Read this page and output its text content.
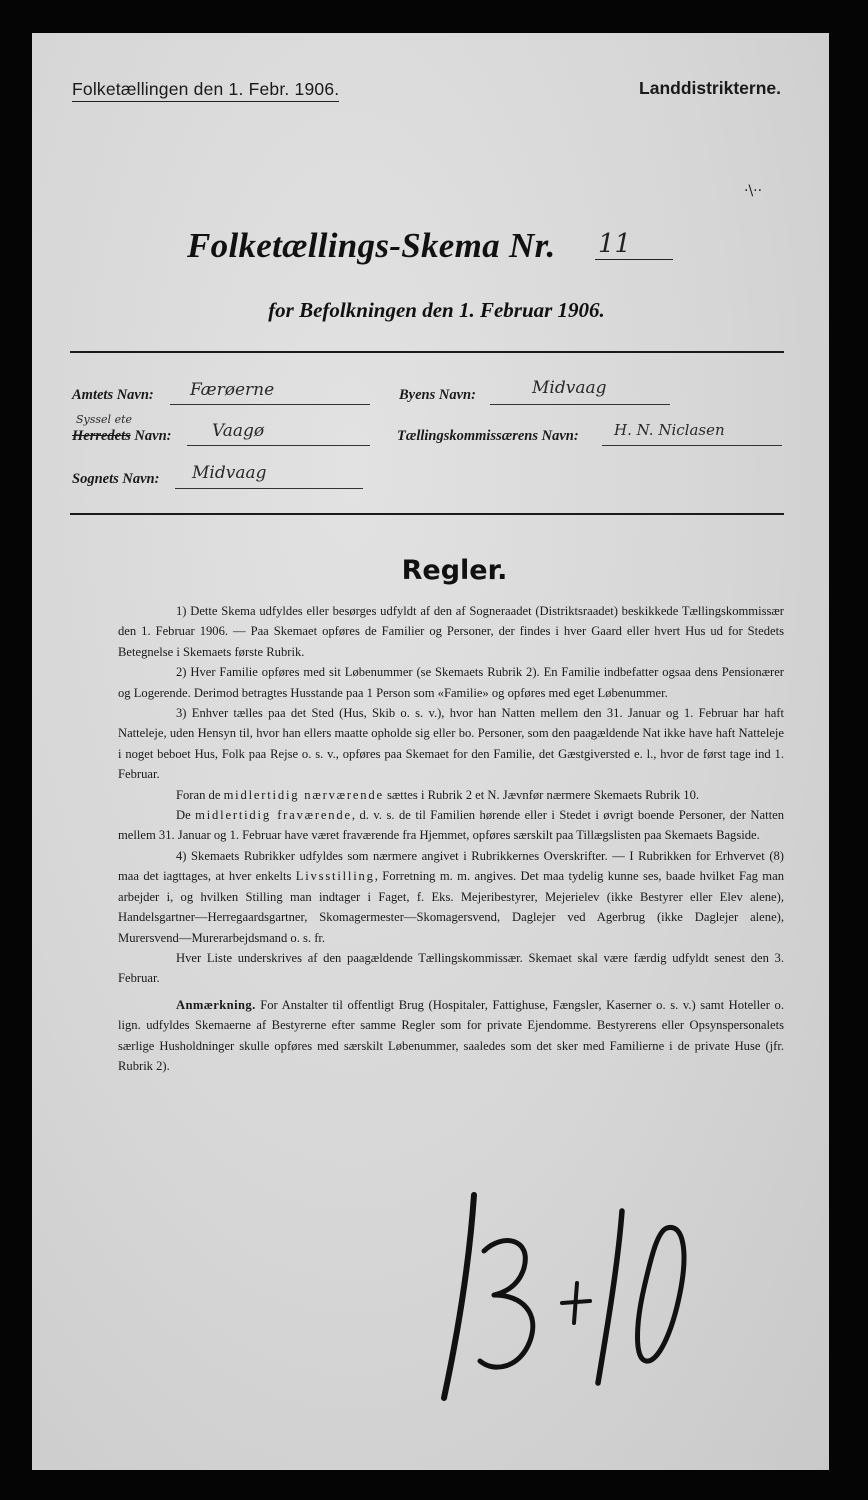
Folketællingen den 1. Febr. 1906.	Landdistrikterne.
·\··
Folketællings-Skema Nr. 11
for Befolkningen den 1. Februar 1906.
Amtets Navn: Færøerne	Byens Navn:	Midvaag
Syssel ete
Herredets Navn: Vaagø	Tællingskommissærens Navn: H. N. Niclasen
Sognets Navn: Midvaag
Regler.

1) Dette Skema udfyldes eller besørges udfyldt af den af Sogneraadet (Distriktsraadet) beskikkede Tællingskommissær den 1. Februar 1906. — Paa Skemaet opføres de Familier og Personer, der findes i hver Gaard eller hvert Hus ud for Stedets Betegnelse i Skemaets første Rubrik.

2) Hver Familie opføres med sit Løbenummer (se Skemaets Rubrik 2). En Familie indbefatter ogsaa dens Pensionærer og Logerende. Derimod betragtes Husstande paa 1 Person som «Familie» og opføres med eget Løbenummer.

3) Enhver tælles paa det Sted (Hus, Skib o. s. v.), hvor han Natten mellem den 31. Januar og 1. Februar har haft Natteleje, uden Hensyn til, hvor han ellers maatte opholde sig eller bo. Personer, som den paagældende Nat ikke have haft Natteleje i noget beboet Hus, Folk paa Rejse o. s. v., opføres paa Skemaet for den Familie, det Gæstgiversted e. l., hvor de først tage ind 1. Februar.

Foran de midlertidig nærværende sættes i Rubrik 2 et N. Jævnfør nærmere Skemaets Rubrik 10.

De midlertidig fraværende, d. v. s. de til Familien hørende eller i Stedet i øvrigt boende Personer, der Natten mellem 31. Januar og 1. Februar have været fraværende fra Hjemmet, opføres særskilt paa Tillægslisten paa Skemaets Bagside.

4) Skemaets Rubrikker udfyldes som nærmere angivet i Rubrikkernes Overskrifter. — I Rubrikken for Erhvervet (8) maa det iagttages, at hver enkelts Livsstilling, Forretning m. m. angives. Det maa tydelig kunne ses, baade hvilket Fag man arbejder i, og hvilken Stilling man indtager i Faget, f. Eks. Mejeribestyrer, Mejerielev (ikke Bestyrer eller Elev alene), Handelsgartner—Herregaardsgartner, Skomagermester—Skomagersvend, Daglejer ved Agerbrug (ikke Daglejer alene), Murersvend—Murerarbejdsmand o. s. fr.

Hver Liste underskrives af den paagældende Tællingskommissær. Skemaet skal være færdig udfyldt senest den 3. Februar.

Anmærkning. For Anstalter til offentligt Brug (Hospitaler, Fattighuse, Fængsler, Kaserner o. s. v.) samt Hoteller o. lign. udfyldes Skemaerne af Bestyrerne efter samme Regler som for private Ejendomme. Bestyrerens eller Opsynspersonalets særlige Husholdninger skulle opføres med særskilt Løbenummer, saaledes som det sker med Familierne i de private Huse (jfr. Rubrik 2).
